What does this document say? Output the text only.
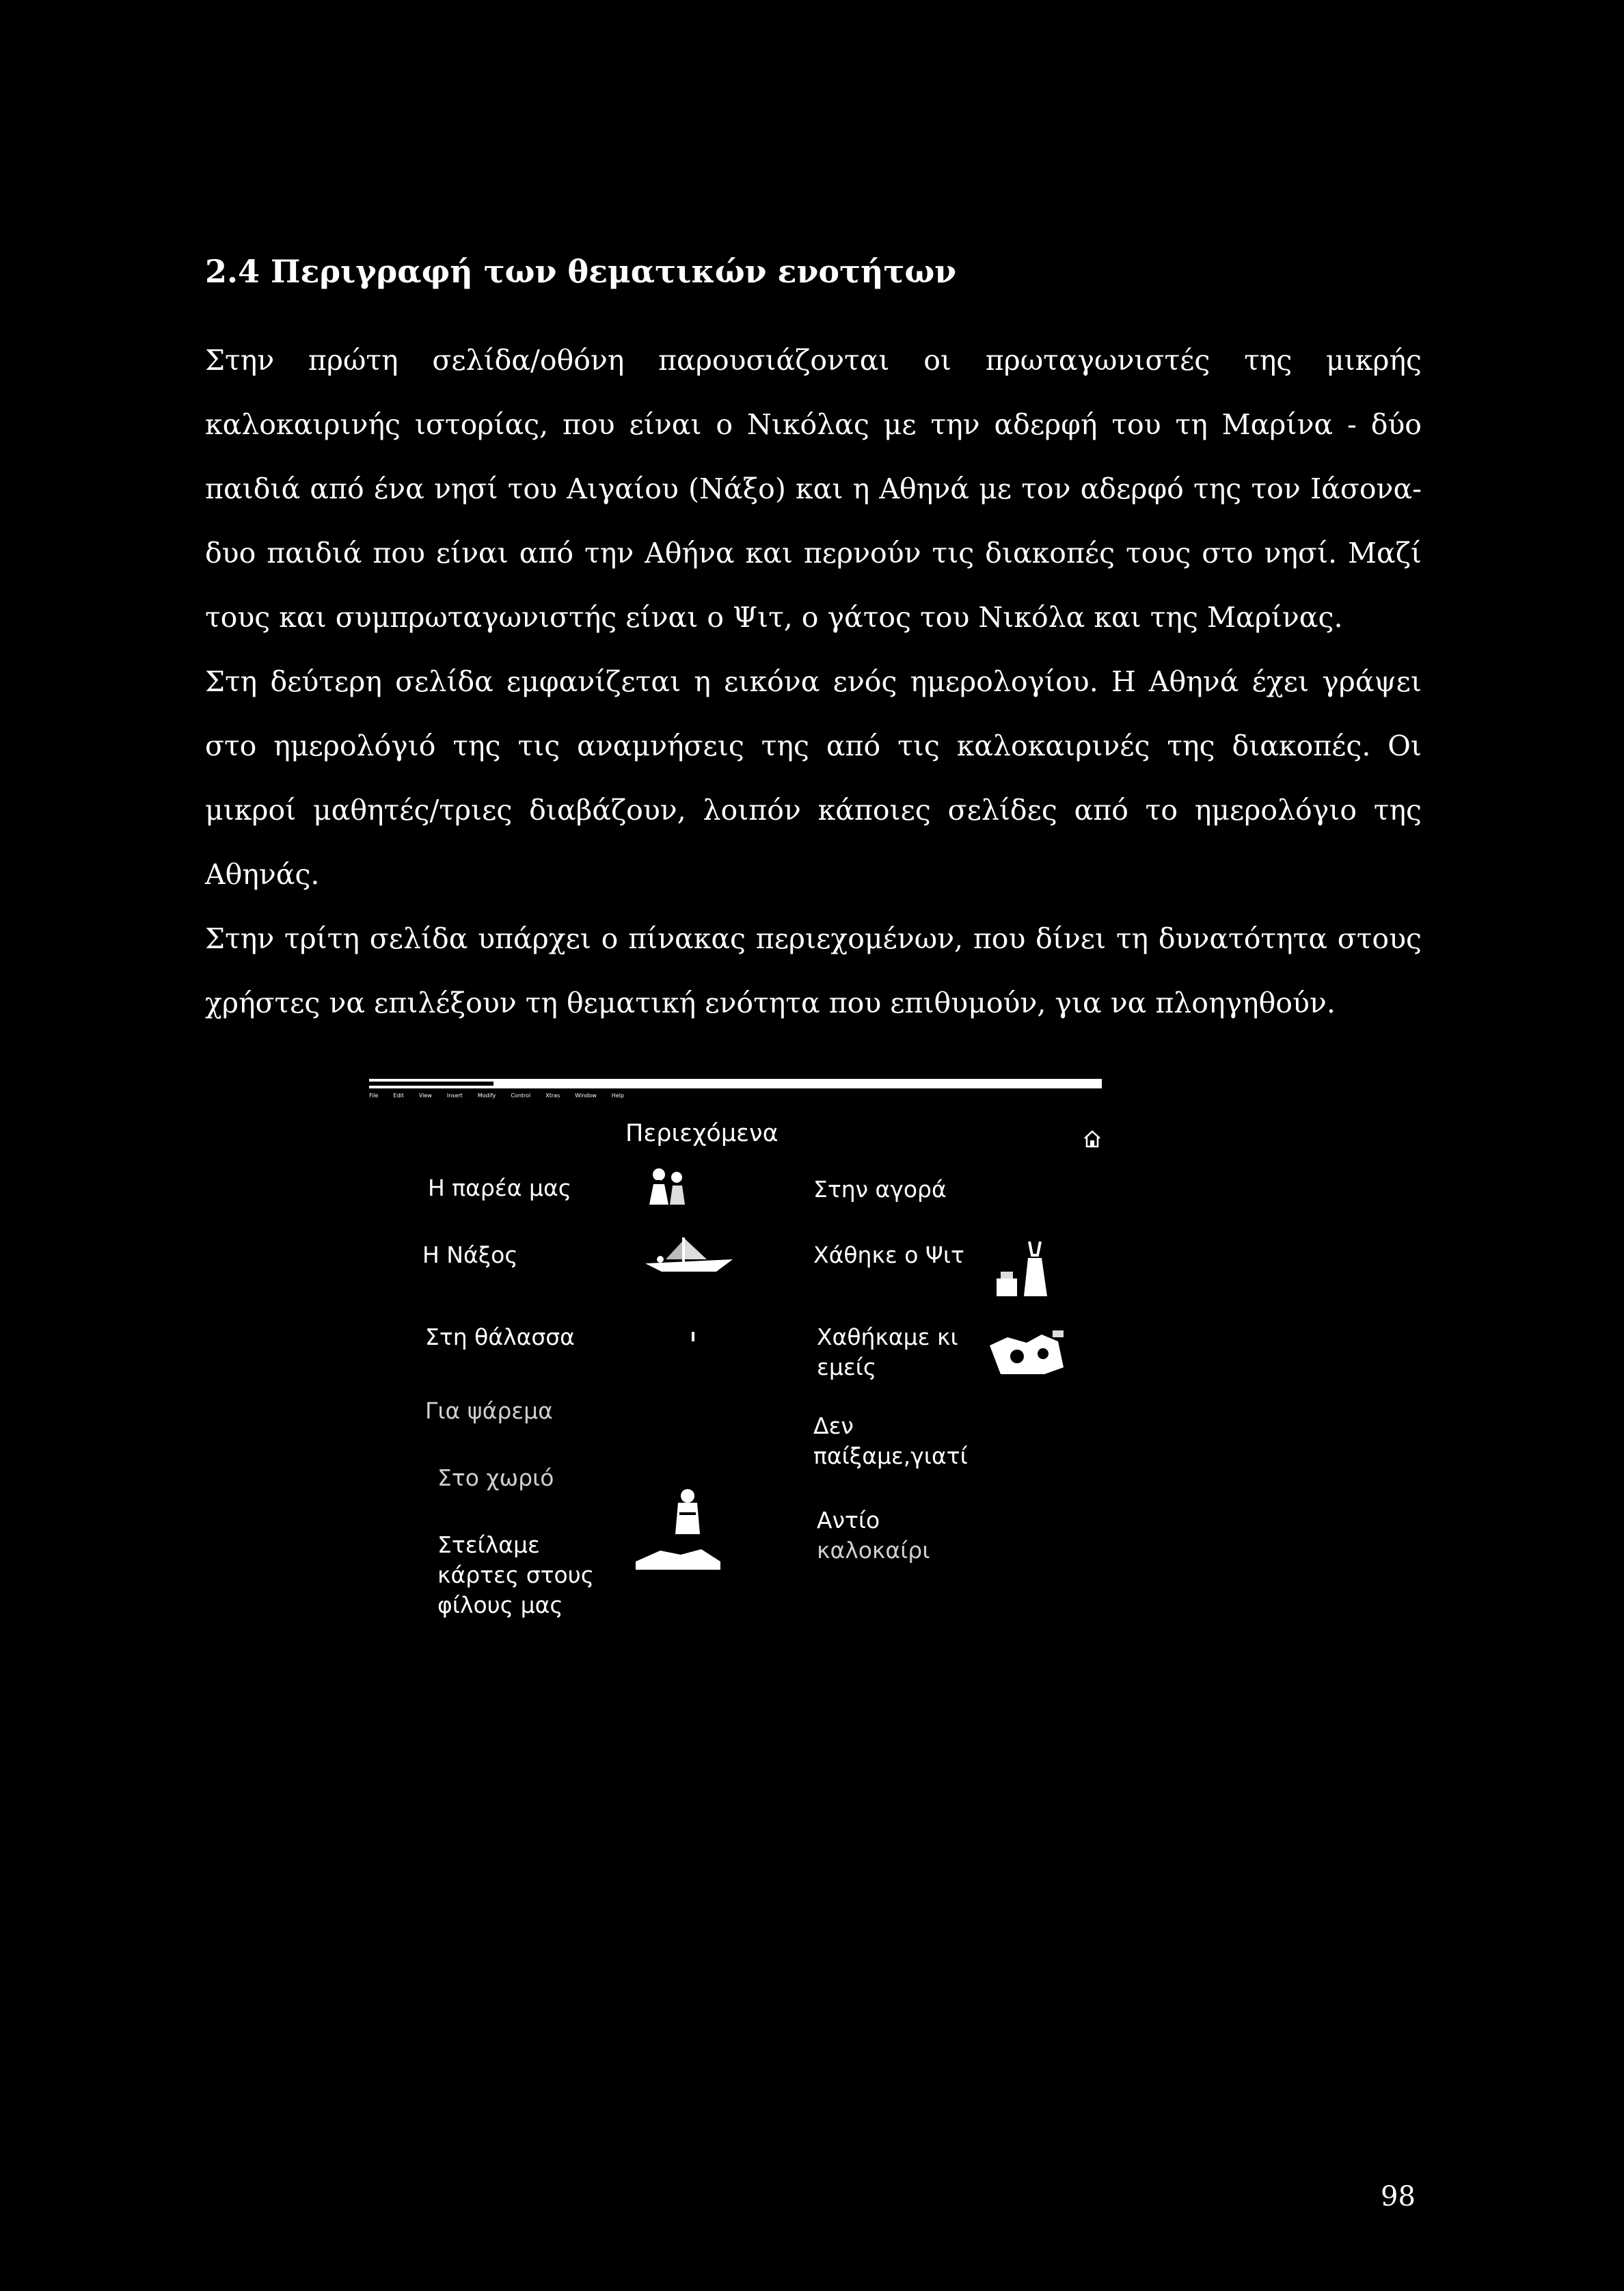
2.4 Περιγραφή των θεματικών ενοτήτων

Στην πρώτη σελίδα/οθόνη παρουσιάζονται οι πρωταγωνιστές της μικρής καλοκαιρινής ιστορίας, που είναι ο Νικόλας με την αδερφή του τη Μαρίνα - δύο παιδιά από ένα νησί του Αιγαίου (Νάξο) και η Αθηνά με τον αδερφό της τον Ιάσονα-δυο παιδιά που είναι από την Αθήνα και περνούν τις διακοπές τους στο νησί. Μαζί τους και συμπρωταγωνιστής είναι ο Ψιτ, ο γάτος του Νικόλα και της Μαρίνας.

Στη δεύτερη σελίδα εμφανίζεται η εικόνα ενός ημερολογίου. Η Αθηνά έχει γράψει στο ημερολόγιό της τις αναμνήσεις της από τις καλοκαιρινές της διακοπές. Οι μικροί μαθητές/τριες διαβάζουν, λοιπόν κάποιες σελίδες από το ημερολόγιο της Αθηνάς.

Στην τρίτη σελίδα υπάρχει ο πίνακας περιεχομένων, που δίνει τη δυνατότητα στους χρήστες να επιλέξουν τη θεματική ενότητα που επιθυμούν, για να πλοηγηθούν.

File	Edit	View	Insert	Modify	Control	Xtras	Window	Help
Περιεχόμενα
Η παρέα μας
Η Νάξος
Στη θάλασσα
Για ψάρεμα
Στο χωριό
Στείλαμε
κάρτες στους
φίλους μας
Στην αγορά
Χάθηκε ο Ψιτ
Χαθήκαμε κι
εμείς
Δεν
παίξαμε,γιατί
Αντίο
καλοκαίρι

98
